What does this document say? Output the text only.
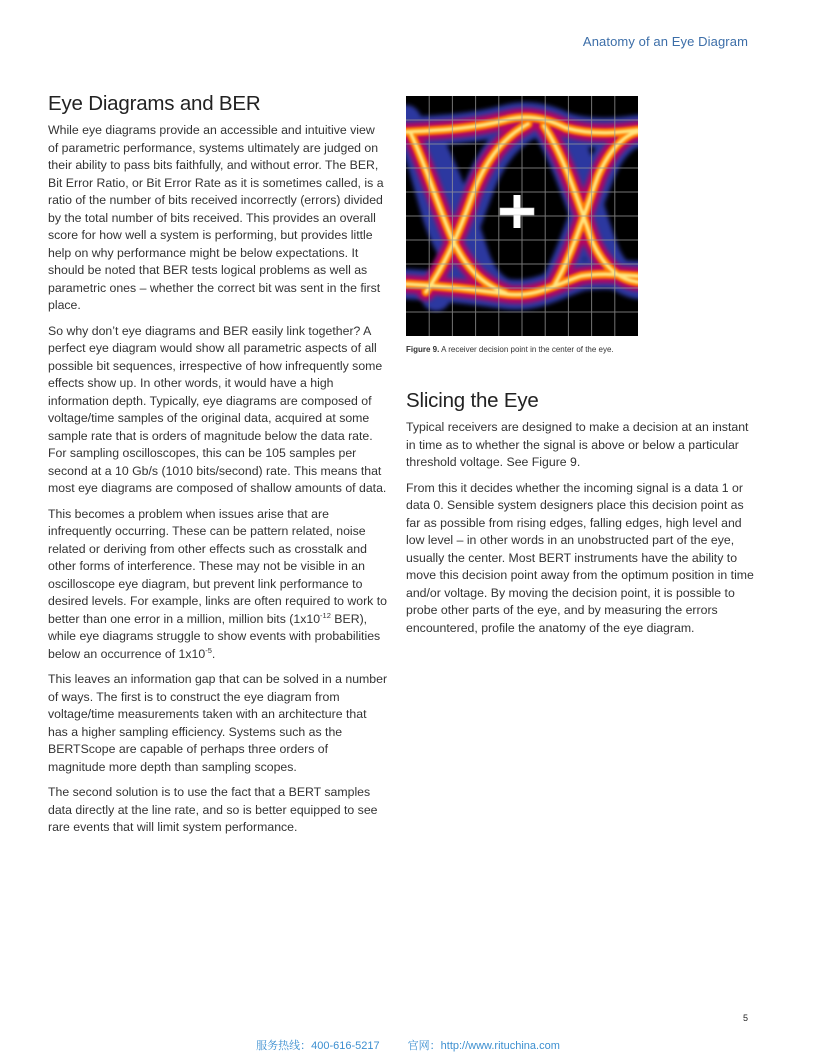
Anatomy of an Eye Diagram
Eye Diagrams and BER

While eye diagrams provide an accessible and intuitive view of parametric performance, systems ultimately are judged on their ability to pass bits faithfully, and without error. The BER, Bit Error Ratio, or Bit Error Rate as it is sometimes called, is a ratio of the number of bits received incorrectly (errors) divided by the total number of bits received. This provides an overall score for how well a system is performing, but provides little help on why performance might be below expectations. It should be noted that BER tests logical problems as well as parametric ones – whether the correct bit was sent in the first place.

So why don’t eye diagrams and BER easily link together? A perfect eye diagram would show all parametric aspects of all possible bit sequences, irrespective of how infrequently some effects show up. In other words, it would have a high information depth. Typically, eye diagrams are composed of voltage/time samples of the original data, acquired at some sample rate that is orders of magnitude below the data rate. For sampling oscilloscopes, this can be 105 samples per second at a 10 Gb/s (1010 bits/second) rate. This means that most eye diagrams are composed of shallow amounts of data.

This becomes a problem when issues arise that are infrequently occurring. These can be pattern related, noise related or deriving from other effects such as crosstalk and other forms of interference. These may not be visible in an oscilloscope eye diagram, but prevent link performance to desired levels. For example, links are often required to work to better than one error in a million, million bits ($1x10^{-12}$ BER), while eye diagrams struggle to show events with probabilities below an occurrence of $1x10^{-5}$.

This leaves an information gap that can be solved in a number of ways. The first is to construct the eye diagram from voltage/time measurements taken with an architecture that has a higher sampling efficiency. Systems such as the BERTScope are capable of perhaps three orders of magnitude more depth than sampling scopes.

The second solution is to use the fact that a BERT samples data directly at the line rate, and so is better equipped to see rare events that will limit system performance.

Figure 9. A receiver decision point in the center of the eye.

Slicing the Eye

Typical receivers are designed to make a decision at an instant in time as to whether the signal is above or below a particular threshold voltage. See Figure 9.

From this it decides whether the incoming signal is a data 1 or data 0. Sensible system designers place this decision point as far as possible from rising edges, falling edges, high level and low level – in other words in an unobstructed part of the eye, usually the center. Most BERT instruments have the ability to move this decision point away from the optimum position in time and/or voltage. By moving the decision point, it is possible to probe other parts of the eye, and by measuring the errors encountered, profile the anatomy of the eye diagram.

5
服务热线：400-616-5217	官网：http://www.rituchina.com
